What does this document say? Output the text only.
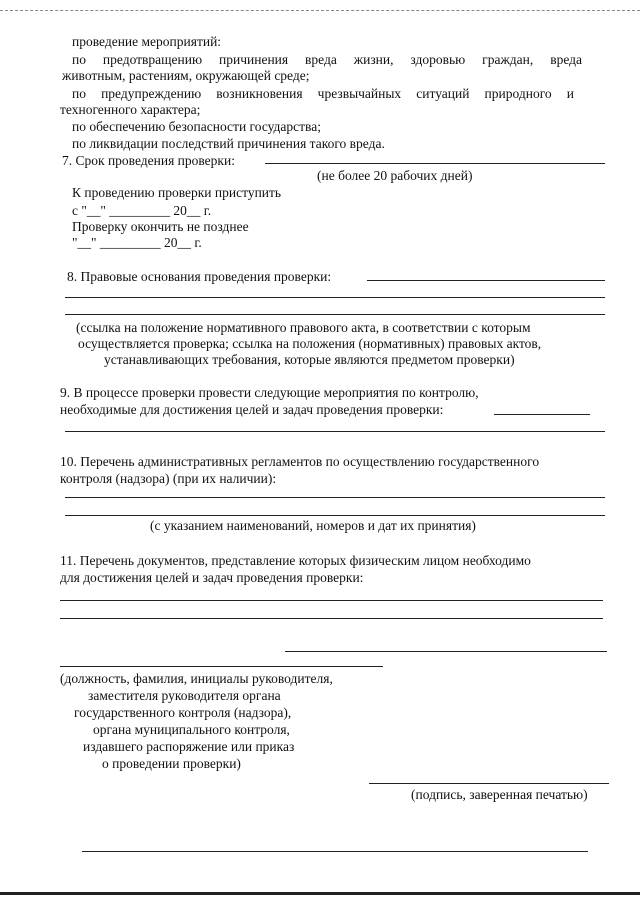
проведение мероприятий:
по предотвращению причинения вреда жизни, здоровью граждан, вреда
животным, растениям, окружающей среде;
по предупреждению возникновения чрезвычайных ситуаций природного и
техногенного характера;
по обеспечению безопасности государства;
по ликвидации последствий причинения такого вреда.
7. Срок проведения проверки:
(не более 20 рабочих дней)
К проведению проверки приступить
с "__" _________ 20__ г.
Проверку окончить не позднее
"__" _________ 20__ г.
8. Правовые основания проведения проверки:
(ссылка на положение нормативного правового акта, в соответствии с которым
осуществляется проверка; ссылка на положения (нормативных) правовых актов,
устанавливающих требования, которые являются предметом проверки)
9. В процессе проверки провести следующие мероприятия по контролю,
необходимые для достижения целей и задач проведения проверки:
10. Перечень административных регламентов по осуществлению государственного
контроля (надзора) (при их наличии):
(с указанием наименований, номеров и дат их принятия)
11. Перечень документов, представление которых физическим лицом необходимо
для достижения целей и задач проведения проверки:
(должность, фамилия, инициалы руководителя,
заместителя руководителя органа
государственного контроля (надзора),
органа муниципального контроля,
издавшего распоряжение или приказ
о проведении проверки)
(подпись, заверенная печатью)
